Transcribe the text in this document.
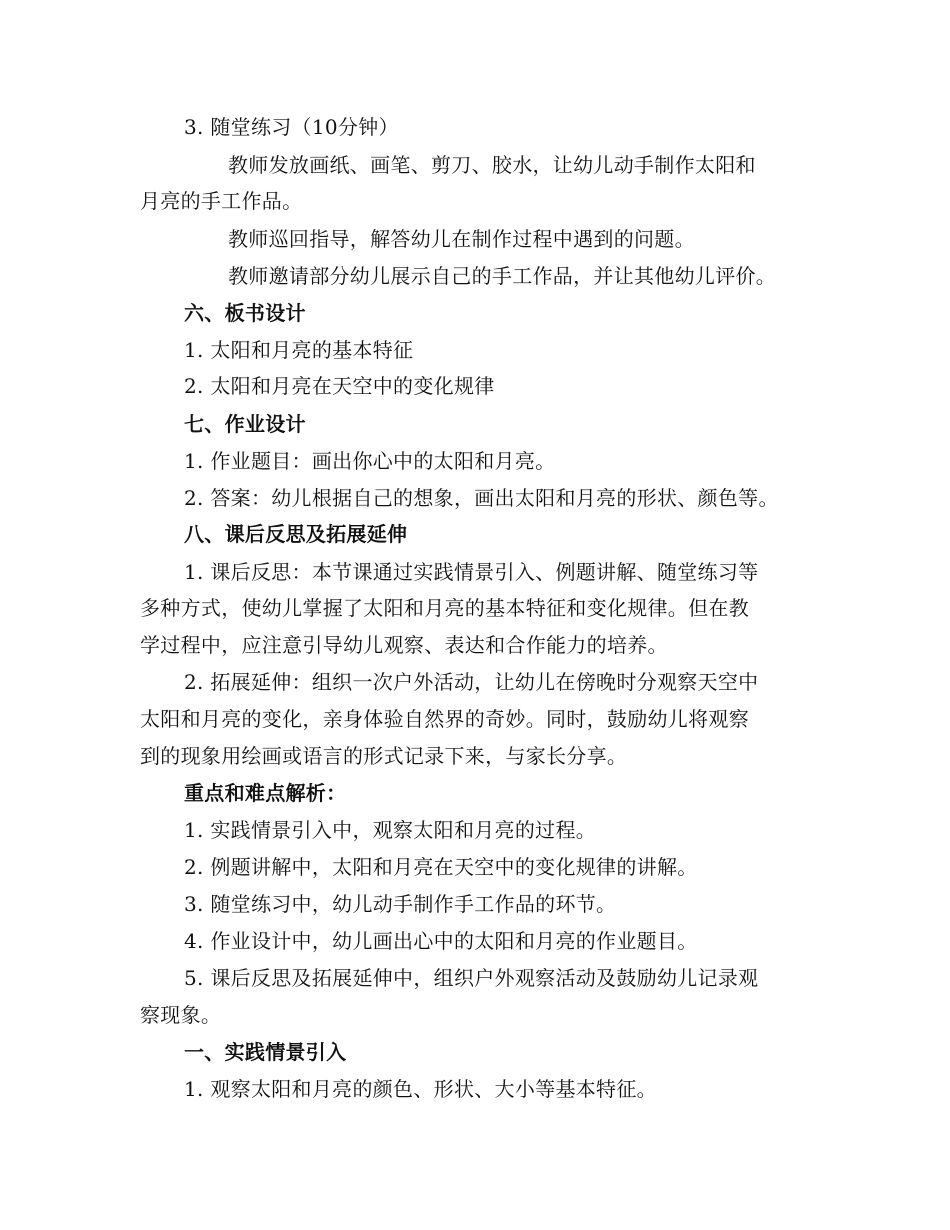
3. 随堂练习（10分钟）
教师发放画纸、画笔、剪刀、胶水，让幼儿动手制作太阳和
月亮的手工作品。
教师巡回指导，解答幼儿在制作过程中遇到的问题。
教师邀请部分幼儿展示自己的手工作品，并让其他幼儿评价。
六、板书设计
1. 太阳和月亮的基本特征
2. 太阳和月亮在天空中的变化规律
七、作业设计
1. 作业题目：画出你心中的太阳和月亮。
2. 答案：幼儿根据自己的想象，画出太阳和月亮的形状、颜色等。
八、课后反思及拓展延伸
1. 课后反思：本节课通过实践情景引入、例题讲解、随堂练习等
多种方式，使幼儿掌握了太阳和月亮的基本特征和变化规律。但在教
学过程中，应注意引导幼儿观察、表达和合作能力的培养。
2. 拓展延伸：组织一次户外活动，让幼儿在傍晚时分观察天空中
太阳和月亮的变化，亲身体验自然界的奇妙。同时，鼓励幼儿将观察
到的现象用绘画或语言的形式记录下来，与家长分享。
重点和难点解析：
1. 实践情景引入中，观察太阳和月亮的过程。
2. 例题讲解中，太阳和月亮在天空中的变化规律的讲解。
3. 随堂练习中，幼儿动手制作手工作品的环节。
4. 作业设计中，幼儿画出心中的太阳和月亮的作业题目。
5. 课后反思及拓展延伸中，组织户外观察活动及鼓励幼儿记录观
察现象。
一、实践情景引入
1. 观察太阳和月亮的颜色、形状、大小等基本特征。
